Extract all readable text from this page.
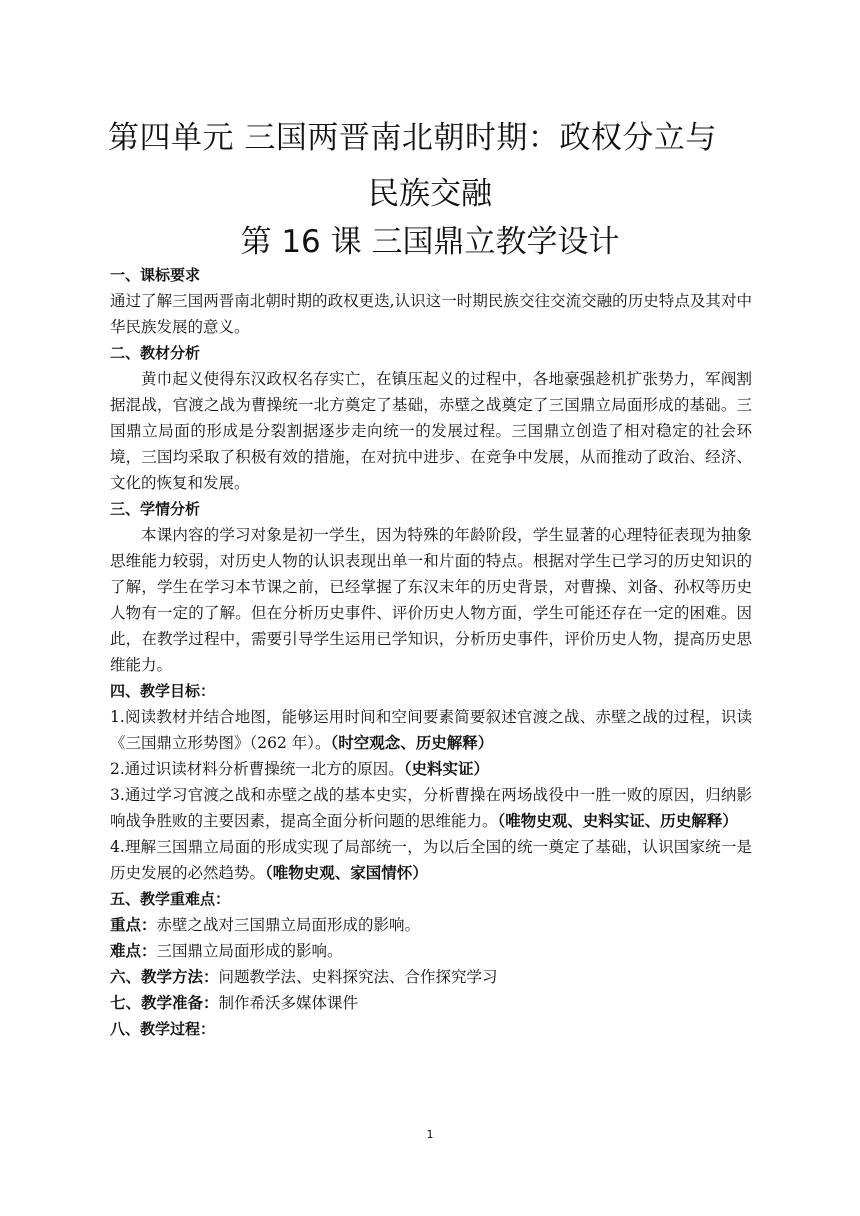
第四单元 三国两晋南北朝时期：政权分立与
民族交融
第 16 课 三国鼎立教学设计
一、课标要求

通过了解三国两晋南北朝时期的政权更迭,认识这一时期民族交往交流交融的历史特点及其对中华民族发展的意义。

二、教材分析

黄巾起义使得东汉政权名存实亡，在镇压起义的过程中，各地豪强趁机扩张势力，军阀割据混战，官渡之战为曹操统一北方奠定了基础，赤壁之战奠定了三国鼎立局面形成的基础。三国鼎立局面的形成是分裂割据逐步走向统一的发展过程。三国鼎立创造了相对稳定的社会环境，三国均采取了积极有效的措施，在对抗中进步、在竞争中发展，从而推动了政治、经济、文化的恢复和发展。

三、学情分析

本课内容的学习对象是初一学生，因为特殊的年龄阶段，学生显著的心理特征表现为抽象思维能力较弱，对历史人物的认识表现出单一和片面的特点。根据对学生已学习的历史知识的了解，学生在学习本节课之前，已经掌握了东汉末年的历史背景，对曹操、刘备、孙权等历史人物有一定的了解。但在分析历史事件、评价历史人物方面，学生可能还存在一定的困难。因此，在教学过程中，需要引导学生运用已学知识，分析历史事件，评价历史人物，提高历史思维能力。

四、教学目标：

1.阅读教材并结合地图，能够运用时间和空间要素简要叙述官渡之战、赤壁之战的过程，识读《三国鼎立形势图》（262 年）。（时空观念、历史解释）

2.通过识读材料分析曹操统一北方的原因。（史料实证）

3.通过学习官渡之战和赤壁之战的基本史实，分析曹操在两场战役中一胜一败的原因，归纳影响战争胜败的主要因素，提高全面分析问题的思维能力。（唯物史观、史料实证、历史解释）

4.理解三国鼎立局面的形成实现了局部统一，为以后全国的统一奠定了基础，认识国家统一是历史发展的必然趋势。（唯物史观、家国情怀）

五、教学重难点：

重点：赤壁之战对三国鼎立局面形成的影响。

难点：三国鼎立局面形成的影响。

六、教学方法：问题教学法、史料探究法、合作探究学习

七、教学准备：制作希沃多媒体课件

八、教学过程：
1
